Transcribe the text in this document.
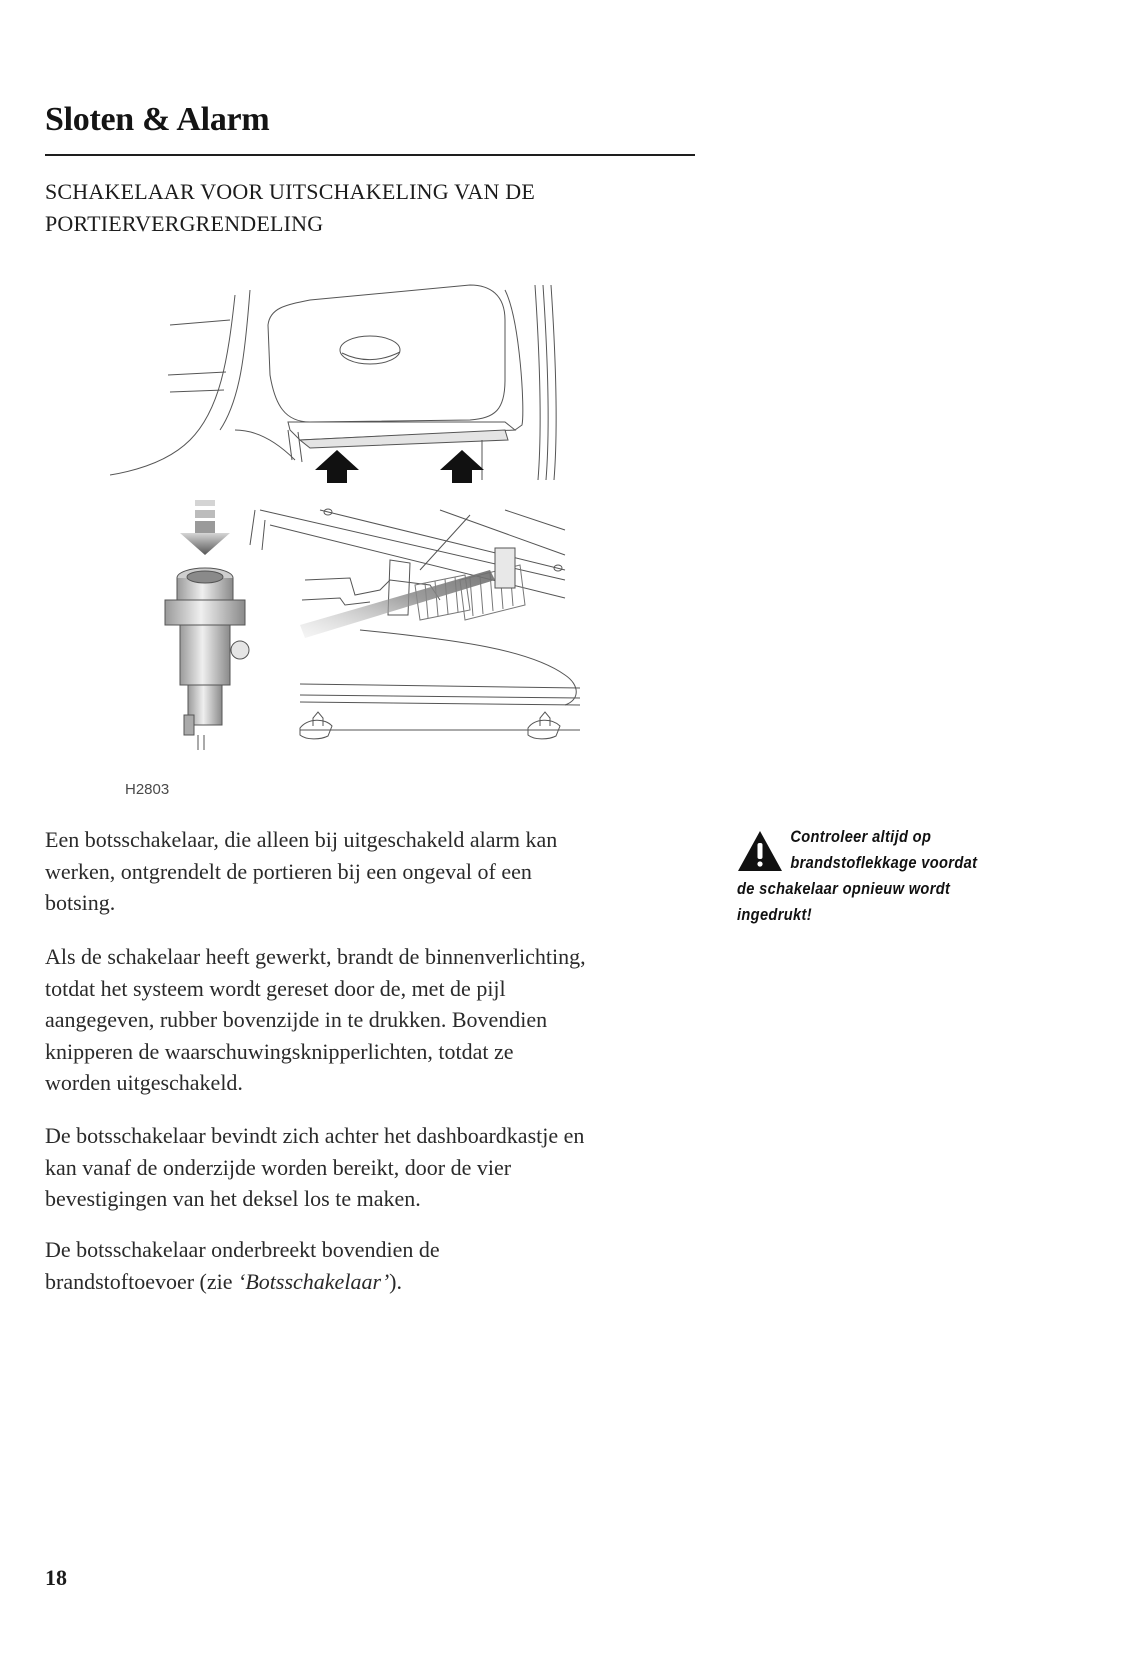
Sloten & Alarm
SCHAKELAAR VOOR UITSCHAKELING VAN DE
PORTIERVERGRENDELING
H2803
Een botsschakelaar, die alleen bij uitgeschakeld alarm kan
werken, ontgrendelt de portieren bij een ongeval of een
botsing.
Als de schakelaar heeft gewerkt, brandt de binnenverlichting,
totdat het systeem wordt gereset door de, met de pijl
aangegeven, rubber bovenzijde in te drukken. Bovendien
knipperen de waarschuwingsknipperlichten, totdat ze
worden uitgeschakeld.
De botsschakelaar bevindt zich achter het dashboardkastje en
kan vanaf de onderzijde worden bereikt, door de vier
bevestigingen van het deksel los te maken.
De botsschakelaar onderbreekt bovendien de
brandstoftoevoer (zie ‘Botsschakelaar’).
Controleer altijd op
brandstoflekkage voordat
de schakelaar opnieuw wordt
ingedrukt!
18
